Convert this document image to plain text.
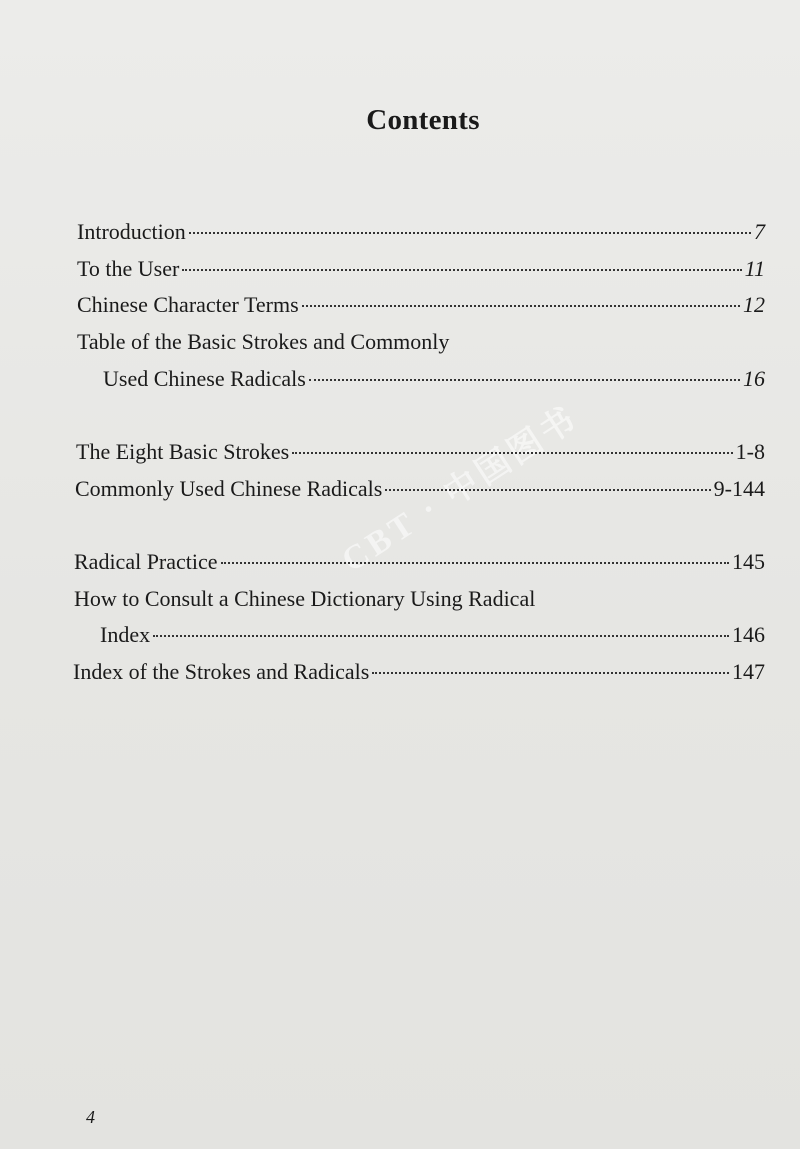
CBT · 中国图书
Contents
Introduction	7
To the User	11
Chinese Character Terms	12
Table of the Basic Strokes and Commonly
Used Chinese Radicals	16
The Eight Basic Strokes	1-8
Commonly Used Chinese Radicals	9-144
Radical Practice	145
How to Consult a Chinese Dictionary Using Radical
Index	146
Index of the Strokes and Radicals	147
4
